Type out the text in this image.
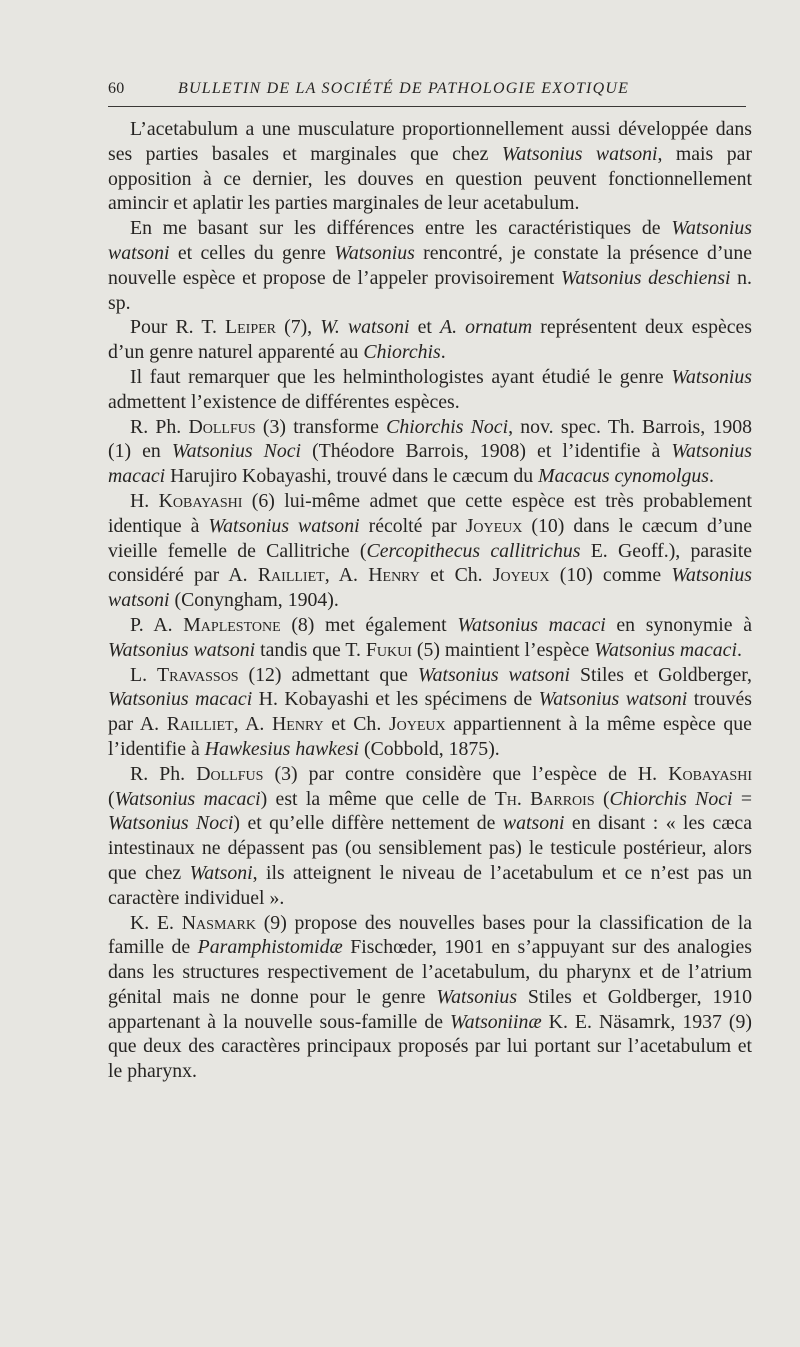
60	BULLETIN DE LA SOCIÉTÉ DE PATHOLOGIE EXOTIQUE

L’acetabulum a une musculature proportionnellement aussi développée dans ses parties basales et marginales que chez Watsonius watsoni, mais par opposition à ce dernier, les douves en question peuvent fonctionnellement amincir et aplatir les parties marginales de leur acetabulum.

En me basant sur les différences entre les caractéristiques de Watsonius watsoni et celles du genre Watsonius rencontré, je constate la présence d’une nouvelle espèce et propose de l’appeler provisoirement Watsonius deschiensi n. sp.

Pour R. T. Leiper (7), W. watsoni et A. ornatum représentent deux espèces d’un genre naturel apparenté au Chiorchis.

Il faut remarquer que les helminthologistes ayant étudié le genre Watsonius admettent l’existence de différentes espèces.

R. Ph. Dollfus (3) transforme Chiorchis Noci, nov. spec. Th. Barrois, 1908 (1) en Watsonius Noci (Théodore Barrois, 1908) et l’identifie à Watsonius macaci Harujiro Kobayashi, trouvé dans le cæcum du Macacus cynomolgus.

H. Kobayashi (6) lui-même admet que cette espèce est très probablement identique à Watsonius watsoni récolté par Joyeux (10) dans le cæcum d’une vieille femelle de Callitriche (Cercopithecus callitrichus E. Geoff.), parasite considéré par A. Railliet, A. Henry et Ch. Joyeux (10) comme Watsonius watsoni (Conyngham, 1904).

P. A. Maplestone (8) met également Watsonius macaci en synonymie à Watsonius watsoni tandis que T. Fukui (5) maintient l’espèce Watsonius macaci.

L. Travassos (12) admettant que Watsonius watsoni Stiles et Goldberger, Watsonius macaci H. Kobayashi et les spécimens de Watsonius watsoni trouvés par A. Railliet, A. Henry et Ch. Joyeux appartiennent à la même espèce que l’identifie à Hawkesius hawkesi (Cobbold, 1875).

R. Ph. Dollfus (3) par contre considère que l’espèce de H. Kobayashi (Watsonius macaci) est la même que celle de Th. Barrois (Chiorchis Noci = Watsonius Noci) et qu’elle diffère nettement de watsoni en disant : « les cæca intestinaux ne dépassent pas (ou sensiblement pas) le testicule postérieur, alors que chez Watsoni, ils atteignent le niveau de l’acetabulum et ce n’est pas un caractère individuel ».

K. E. Nasmark (9) propose des nouvelles bases pour la classification de la famille de Paramphistomidæ Fischœder, 1901 en s’appuyant sur des analogies dans les structures respectivement de l’acetabulum, du pharynx et de l’atrium génital mais ne donne pour le genre Watsonius Stiles et Goldberger, 1910 appartenant à la nouvelle sous-famille de Watsoniinæ K. E. Näsamrk, 1937 (9) que deux des caractères principaux proposés par lui portant sur l’acetabulum et le pharynx.
